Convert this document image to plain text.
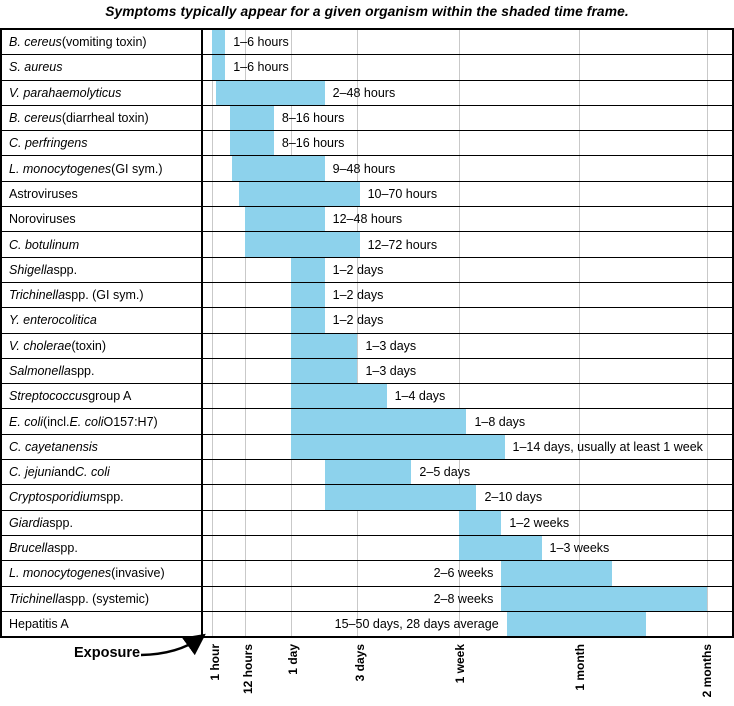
Symptoms typically appear for a given organism within the shaded time frame.
B. cereus (vomiting toxin)	1–6 hours
S. aureus	1–6 hours
V. parahaemolyticus	2–48 hours
B. cereus (diarrheal toxin)	8–16 hours
C. perfringens	8–16 hours
L. monocytogenes (GI sym.)	9–48 hours
Astroviruses	10–70 hours
Noroviruses	12–48 hours
C. botulinum	12–72 hours
Shigella spp.	1–2 days
Trichinella spp. (GI sym.)	1–2 days
Y. enterocolitica	1–2 days
V. cholerae (toxin)	1–3 days
Salmonella spp.	1–3 days
Streptococcus group A	1–4 days
E. coli (incl. E. coli O157:H7)	1–8 days
C. cayetanensis	1–14 days, usually at least 1 week
C. jejuni and C. coli	2–5 days
Cryptosporidium spp.	2–10 days
Giardia spp.	1–2 weeks
Brucella spp.	1–3 weeks
L. monocytogenes (invasive)	2–6 weeks
Trichinella spp. (systemic)	2–8 weeks
Hepatitis A	15–50 days, 28 days average
1 hour 12 hours	1 day	3 days	1 week	1 month	2 months
Exposure
